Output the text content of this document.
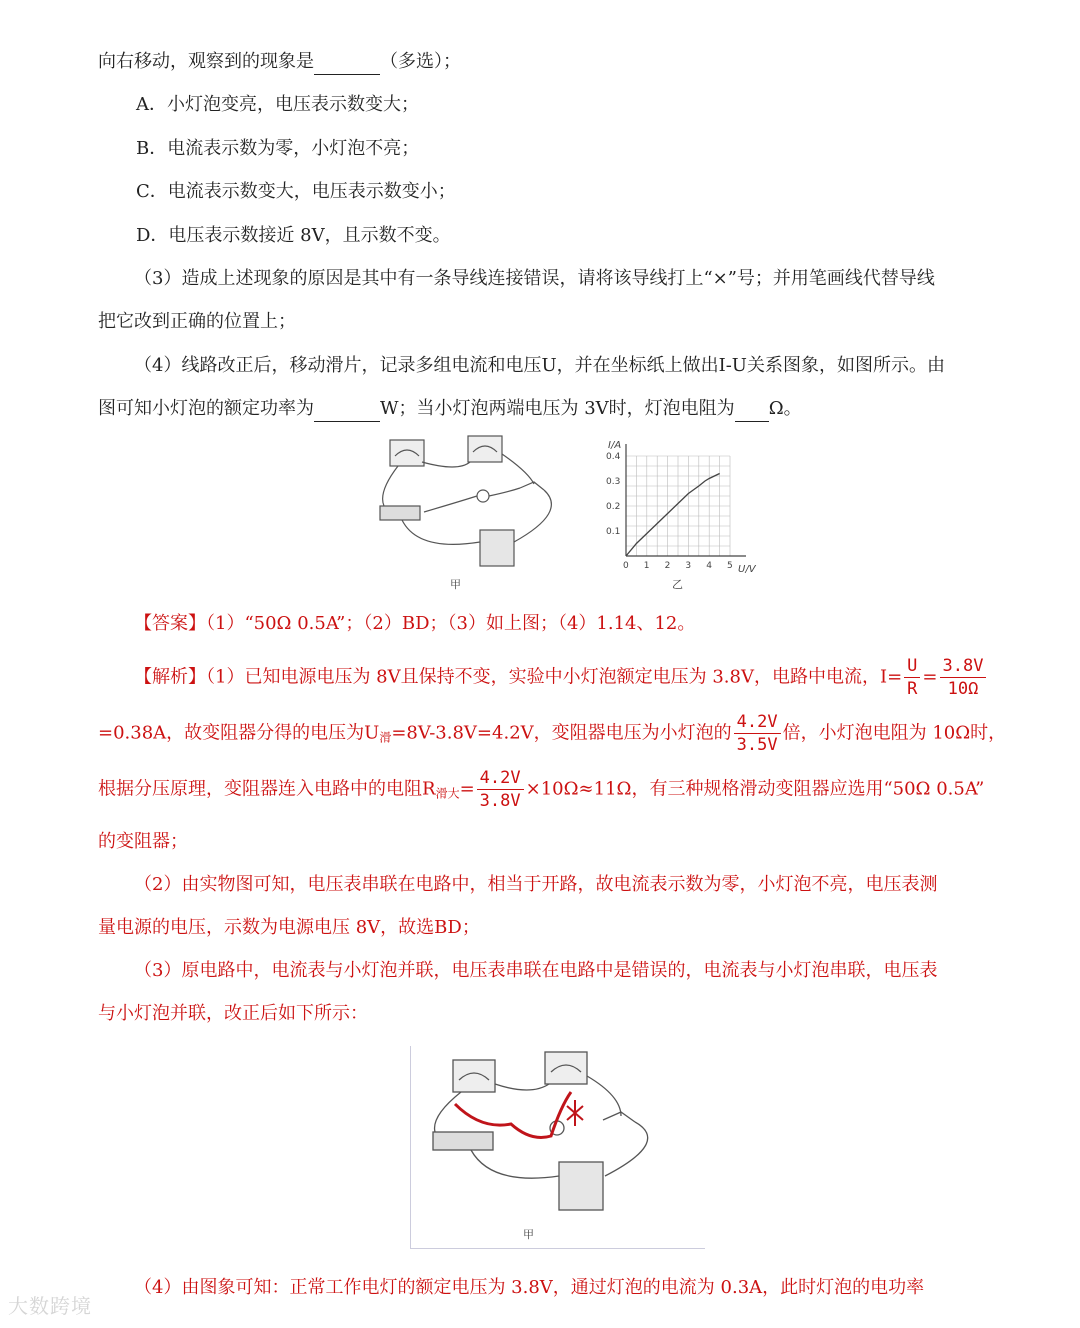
向右移动，观察到的现象是	（多选）；
A．小灯泡变亮，电压表示数变大；
B．电流表示数为零，小灯泡不亮；
C．电流表示数变大，电压表示数变小；
D．电压表示数接近 8V，且示数不变。
（3）造成上述现象的原因是其中有一条导线连接错误，请将该导线打上“×”号；并用笔画线代替导线
把它改到正确的位置上；
（4）线路改正后，移动滑片，记录多组电流和电压U，并在坐标纸上做出I-U关系图象，如图所示。由
图可知小灯泡的额定功率为	W；当小灯泡两端电压为 3V时，灯泡电阻为 Ω。
甲
0 1 2 3 4 5
0.1
0.2
0.3
0.4
I/A
U/V
乙
【答案】（1）“50Ω 0.5A”；（2）BD；（3）如上图；（4）1.14、12。
【解析】（1）已知电源电压为 8V且保持不变，实验中小灯泡额定电压为 3.8V，电路中电流，$I= \frac{U}{R} = \frac{3.8V}{10\Omega}$
=0.38A，故变阻器分得的电压为$U_滑=8V-3.8V=4.2V$，变阻器电压为小灯泡的 $\frac{4.2V}{3.5V}$ 倍，小灯泡电阻为 10Ω时，
根据分压原理，变阻器连入电路中的电阻$R_{滑大}= \frac{4.2V}{3.8V} \times 10\Omega\approx 11\Omega$，有三种规格滑动变阻器应选用“50Ω 0.5A”
的变阻器；
（2）由实物图可知，电压表串联在电路中，相当于开路，故电流表示数为零，小灯泡不亮，电压表测
量电源的电压，示数为电源电压 8V，故选BD；
（3）原电路中，电流表与小灯泡并联，电压表串联在电路中是错误的，电流表与小灯泡串联，电压表
与小灯泡并联，改正后如下所示：
甲
（4）由图象可知：正常工作电灯的额定电压为 3.8V，通过灯泡的电流为 0.3A，此时灯泡的电功率
大数跨境
